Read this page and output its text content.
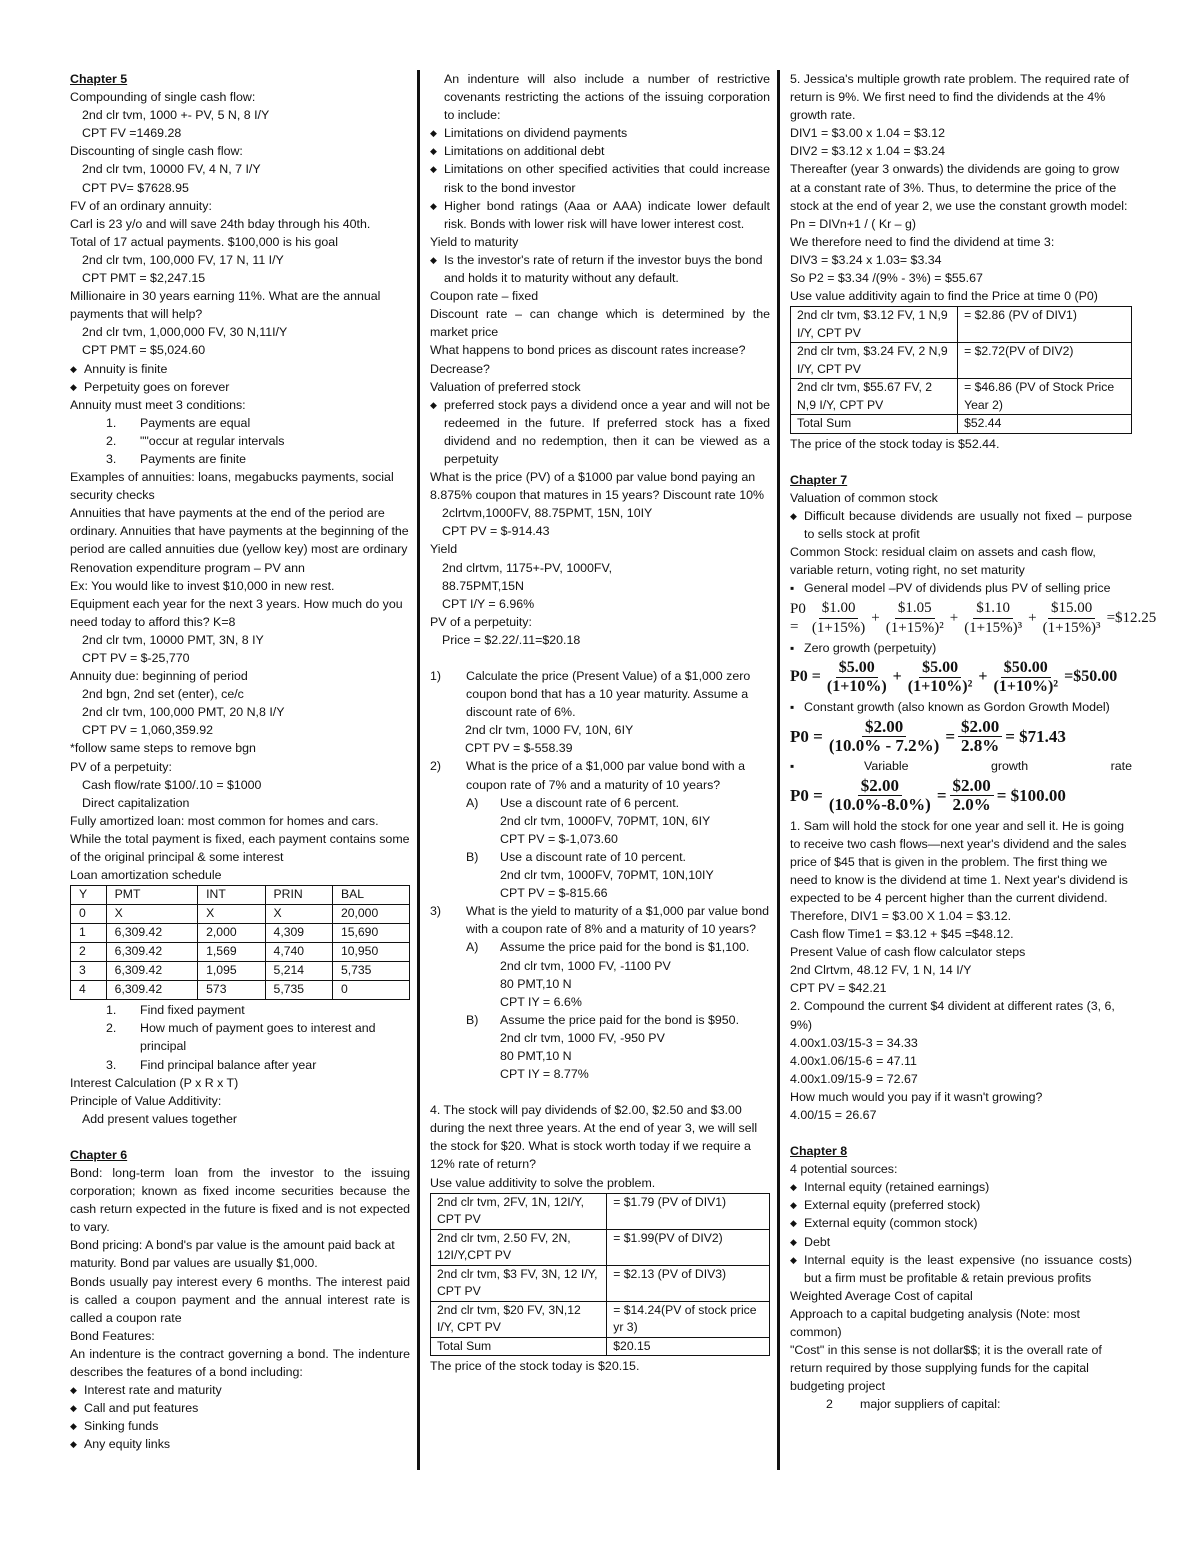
Chapter 5

Compounding of single cash flow:

2nd clr tvm, 1000 +- PV, 5 N, 8 I/Y

CPT FV =1469.28

Discounting of single cash flow:

2nd clr tvm, 10000 FV, 4 N, 7 I/Y

CPT PV= $7628.95

FV of an ordinary annuity:

Carl is 23 y/o and will save 24th bday through his 40th.

Total of 17 actual payments. $100,000 is his goal

2nd clr tvm, 100,000 FV, 17 N, 11 I/Y

CPT PMT = $2,247.15

Millionaire in 30 years earning 11%. What are the annual payments that will help?

2nd clr tvm, 1,000,000 FV, 30 N,11I/Y

CPT PMT = $5,024.60

◆ Annuity is finite

◆ Perpetuity goes on forever

Annuity must meet 3 conditions:

1.	Payments are equal

2.	""occur at regular intervals

3.	Payments are finite

Examples of annuities: loans, megabucks payments, social security checks

Annuities that have payments at the end of the period are ordinary. Annuities that have payments at the beginning of the period are called annuities due (yellow key) most are ordinary

Renovation expenditure program – PV ann

Ex: You would like to invest $10,000 in new rest.

Equipment each year for the next 3 years. How much do you need today to afford this? K=8

2nd clr tvm, 10000 PMT, 3N, 8 IY

CPT PV = $-25,770

Annuity due: beginning of period

2nd bgn, 2nd set (enter), ce/c

2nd clr tvm, 100,000 PMT, 20 N,8 I/Y

CPT PV = 1,060,359.92

*follow same steps to remove bgn

PV of a perpetuity:

Cash flow/rate $100/.10 = $1000

Direct capitalization

Fully amortized loan: most common for homes and cars. While the total payment is fixed, each payment contains some of the original principal & some interest

Loan amortization schedule

Y	PMT	INT	PRIN	BAL
0	X	X	X	20,000
1	6,309.42	2,000	4,309	15,690
2	6,309.42	1,569	4,740	10,950
3	6,309.42	1,095	5,214	5,735
4	6,309.42	573	5,735	0

1. Find fixed payment

2. How much of payment goes to interest and principal

3. Find principal balance after year

Interest Calculation (P x R x T)

Principle of Value Additivity:

Add present values together

Chapter 6

Bond: long-term loan from the investor to the issuing corporation; known as fixed income securities because the cash return expected in the future is fixed and is not expected to vary.

Bond pricing: A bond's par value is the amount paid back at maturity. Bond par values are usually $1,000.

Bonds usually pay interest every 6 months. The interest paid is called a coupon payment and the annual interest rate is called a coupon rate

Bond Features:

An indenture is the contract governing a bond. The indenture describes the features of a bond including:

◆ Interest rate and maturity

◆ Call and put features

◆ Sinking funds

◆ Any equity links

An indenture will also include a number of restrictive covenants restricting the actions of the issuing corporation to include:

◆ Limitations on dividend payments

◆ Limitations on additional debt

◆ Limitations on other specified activities that could increase risk to the bond investor

◆ Higher bond ratings (Aaa or AAA) indicate lower default risk. Bonds with lower risk will have lower interest cost.

Yield to maturity

◆ Is the investor's rate of return if the investor buys the bond and holds it to maturity without any default.

Coupon rate – fixed

Discount rate – can change which is determined by the market price

What happens to bond prices as discount rates increase? Decrease?

Valuation of preferred stock

◆ preferred stock pays a dividend once a year and will not be redeemed in the future. If preferred stock has a fixed dividend and no redemption, then it can be viewed as a perpetuity

What is the price (PV) of a $1000 par value bond paying an 8.875% coupon that matures in 15 years? Discount rate 10%

2clrtvm,1000FV, 88.75PMT, 15N, 10IY

CPT PV = $-914.43

Yield

2nd clrtvm, 1175+-PV, 1000FV,

88.75PMT,15N

CPT I/Y = 6.96%

PV of a perpetuity:

Price = $2.22/.11=$20.18

1)	Calculate the price (Present Value) of a $1,000 zero coupon bond that has a 10 year maturity. Assume a discount rate of 6%.

2nd clr tvm, 1000 FV, 10N, 6IY

CPT PV = $-558.39

2)	What is the price of a $1,000 par value bond with a coupon rate of 7% and a maturity of 10 years?

A) Use a discount rate of 6 percent.

2nd clr tvm, 1000FV, 70PMT, 10N, 6IY

CPT PV = $-1,073.60

B) Use a discount rate of 10 percent.

2nd clr tvm, 1000FV, 70PMT, 10N,10IY

CPT PV = $-815.66

3)	What is the yield to maturity of a $1,000 par value bond with a coupon rate of 8% and a maturity of 10 years?

A) Assume the price paid for the bond is $1,100.

2nd clr tvm, 1000 FV, -1100 PV

80 PMT,10 N

CPT IY = 6.6%

B) Assume the price paid for the bond is $950.

2nd clr tvm, 1000 FV, -950 PV

80 PMT,10 N

CPT IY = 8.77%

4. The stock will pay dividends of $2.00, $2.50 and $3.00 during the next three years. At the end of year 3, we will sell the stock for $20. What is stock worth today if we require a 12% rate of return?

Use value additivity to solve the problem.

2nd clr tvm, 2FV, 1N, 12I/Y, CPT PV	= $1.79 (PV of DIV1)
2nd clr tvm, 2.50 FV, 2N, 12I/Y,CPT PV	= $1.99(PV of DIV2)
2nd clr tvm, $3 FV, 3N, 12 I/Y, CPT PV	= $2.13 (PV of DIV3)
2nd clr tvm, $20 FV, 3N,12 I/Y, CPT PV	= $14.24(PV of stock price yr 3)
Total Sum	$20.15

The price of the stock today is $20.15.

5. Jessica's multiple growth rate problem. The required rate of return is 9%. We first need to find the dividends at the 4% growth rate.

DIV1 = $3.00 x 1.04 = $3.12

DIV2 = $3.12 x 1.04 = $3.24

Thereafter (year 3 onwards) the dividends are going to grow at a constant rate of 3%. Thus, to determine the price of the stock at the end of year 2, we use the constant growth model:

Pn = DIVn+1 / ( Kr – g)

We therefore need to find the dividend at time 3:

DIV3 = $3.24 x 1.03= $3.34

So P2 = $3.34 /(9% - 3%) = $55.67

Use value additivity again to find the Price at time 0 (P0)

2nd clr tvm, $3.12 FV, 1 N,9 I/Y, CPT PV	= $2.86 (PV of DIV1)
2nd clr tvm, $3.24 FV, 2 N,9 I/Y, CPT PV	= $2.72(PV of DIV2)
2nd clr tvm, $55.67 FV, 2 N,9 I/Y, CPT PV	= $46.86 (PV of Stock Price Year 2)
Total Sum	$52.44

The price of the stock today is $52.44.

Chapter 7

Valuation of common stock

◆ Difficult because dividends are usually not fixed – purpose to sells stock at profit

Common Stock: residual claim on assets and cash flow, variable return, voting right, no set maturity

▪ General model –PV of dividends plus PV of selling price

$P0 = \frac{\$1.00}{(1+15\%)} + \frac{\$1.05}{\text{(1+15\%)²}} + \frac{\$1.10}{\text{(1+15\%)³}} + \frac{\$15.00}{\text{(1+15\%)³}}$ =$12.25

▪ Zero growth (perpetuity)

$P0 = \frac{\$5.00}{(1+10\%)} + \frac{\$5.00}{\text{(1+10\%)²}} + \frac{\$50.00}{\text{(1+10\%)²}}$ =$50.00

▪ Constant growth (also known as Gordon Growth Model)

$P0 = \frac{\$2.00}{(10.0\% - 7.2\%)} = \frac{\$2.00}{2.8\%}$ = $71.43

▪ Variable	growth	rate

$P0 = \frac{\$2.00}{(10.0\%-8.0\%)} = \frac{\$2.00}{2.0\%}$ = $100.00

1. Sam will hold the stock for one year and sell it. He is going to receive two cash flows—next year's dividend and the sales price of $45 that is given in the problem. The first thing we need to know is the dividend at time 1. Next year's dividend is expected to be 4 percent higher than the current dividend.

Therefore, DIV1 = $3.00 X 1.04 = $3.12.

Cash flow Time1 = $3.12 + $45 =$48.12.

Present Value of cash flow calculator steps

2nd Clrtvm, 48.12 FV, 1 N, 14 I/Y

CPT PV = $42.21

2. Compound the current $4 divident at different rates (3, 6, 9%)

4.00x1.03/15-3 = 34.33

4.00x1.06/15-6 = 47.11

4.00x1.09/15-9 = 72.67

How much would you pay if it wasn't growing?

4.00/15 = 26.67

Chapter 8

4 potential sources:

◆ Internal equity (retained earnings)

◆ External equity (preferred stock)

◆ External equity (common stock)

◆ Debt

◆ Internal equity is the least expensive (no issuance costs) but a firm must be profitable & retain previous profits

Weighted Average Cost of capital

Approach to a capital budgeting analysis (Note: most common)

"Cost" in this sense is not dollar$$; it is the overall rate of return required by those supplying funds for the capital budgeting project

2 major suppliers of capital:
